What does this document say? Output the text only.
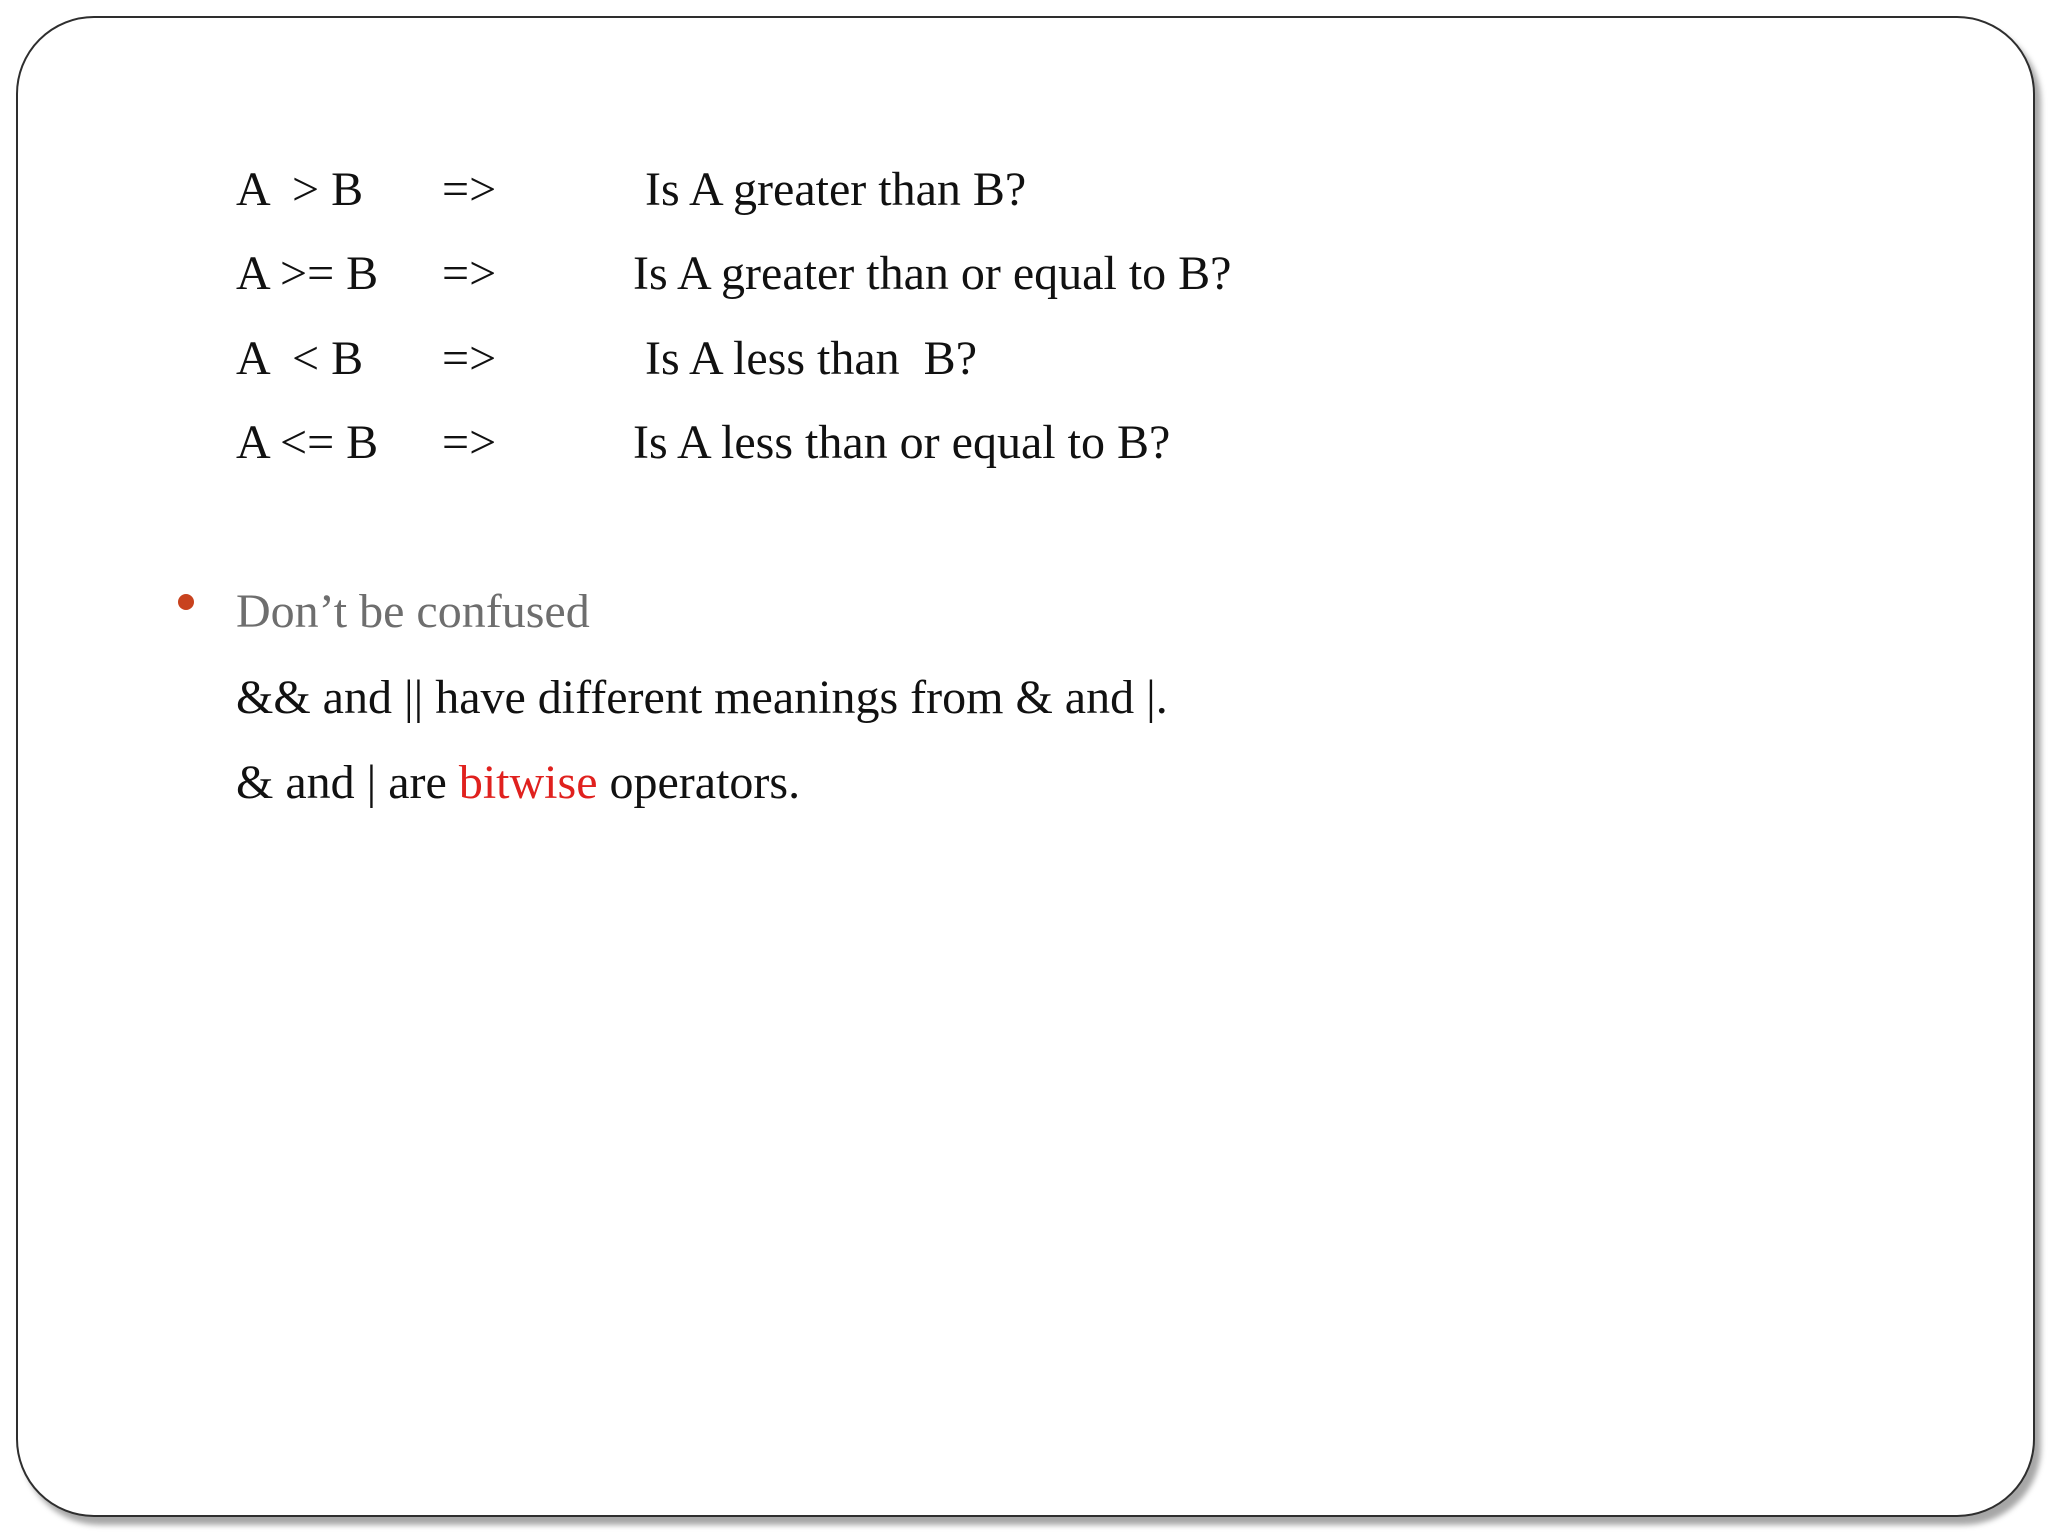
A  > B =>	Is A greater than B?
A >= B =>	Is A greater than or equal to B?
A  < B =>	Is A less than  B?
A <= B =>	Is A less than or equal to B?
Don’t be confused
&& and || have different meanings from & and |.
& and | are bitwise operators.
